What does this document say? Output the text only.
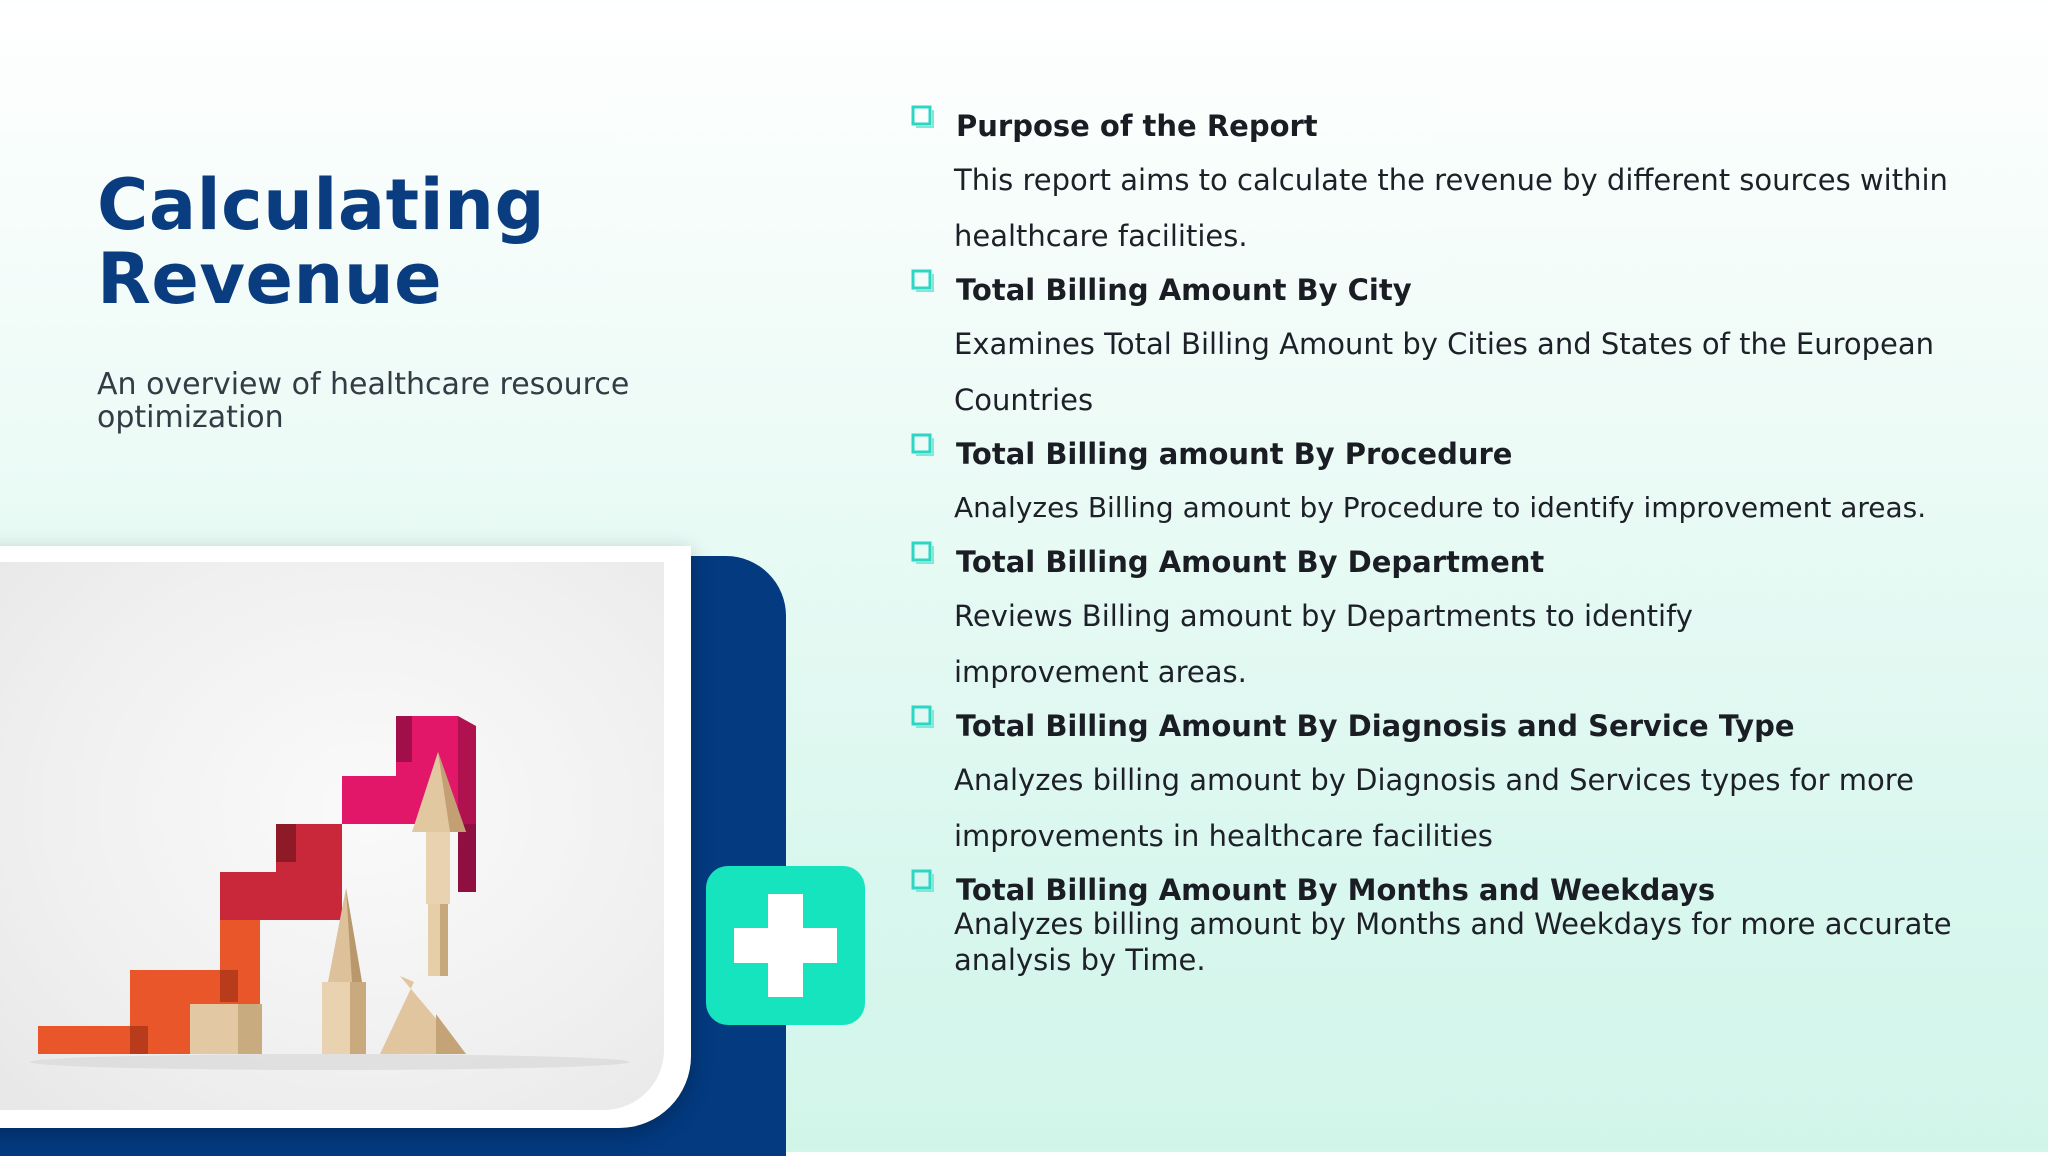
Calculating
Revenue

An overview of healthcare resource optimization

Purpose of the Report

This report aims to calculate the revenue by different sources within healthcare facilities.

Total Billing Amount By City

Examines Total Billing Amount by Cities and States of the European Countries

Total Billing amount By Procedure

Analyzes Billing amount by Procedure to identify improvement areas.

Total Billing Amount By Department

Reviews Billing amount by Departments to identify improvement areas.

Total Billing Amount By Diagnosis and Service Type

Analyzes billing amount by Diagnosis and Services types for more improvements in healthcare facilities

Total Billing Amount By Months and Weekdays

Analyzes billing amount by Months and Weekdays for more accurate analysis by Time.
